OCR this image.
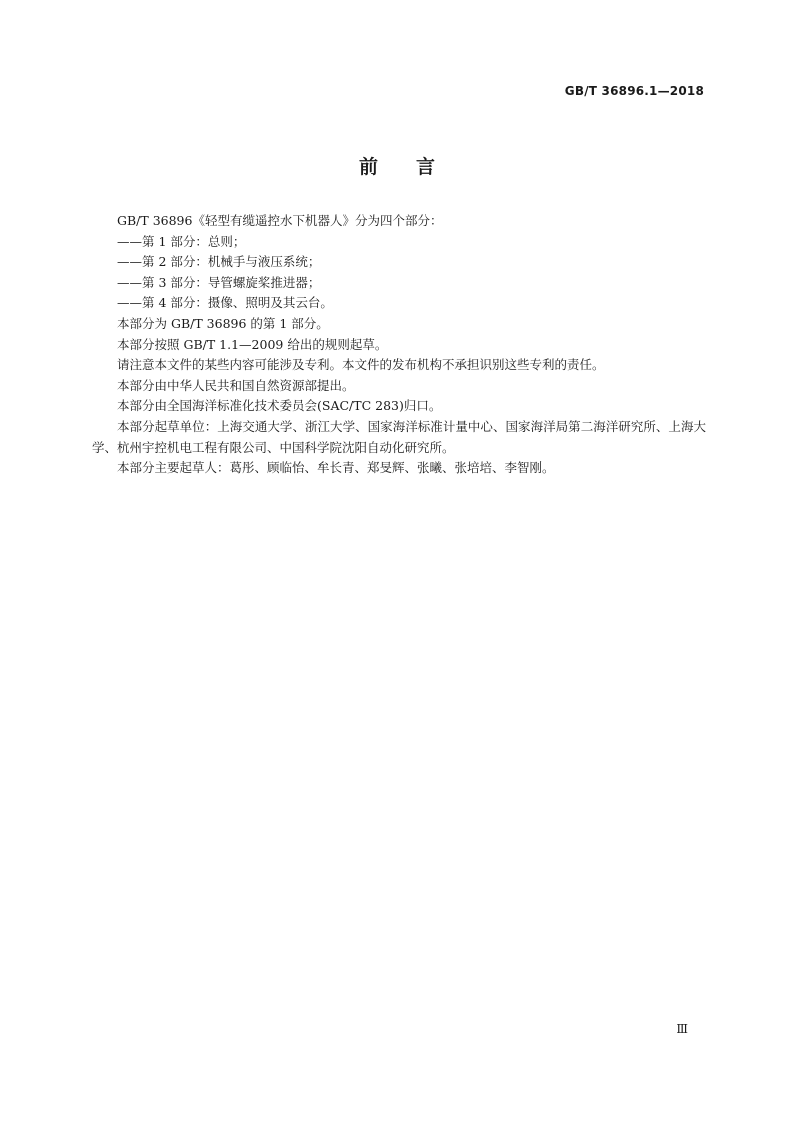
GB/T 36896.1—2018
前言

GB/T 36896《轻型有缆遥控水下机器人》分为四个部分：

——第 1 部分：总则；

——第 2 部分：机械手与液压系统；

——第 3 部分：导管螺旋桨推进器；

——第 4 部分：摄像、照明及其云台。

本部分为 GB/T 36896 的第 1 部分。

本部分按照 GB/T 1.1—2009 给出的规则起草。

请注意本文件的某些内容可能涉及专利。本文件的发布机构不承担识别这些专利的责任。

本部分由中华人民共和国自然资源部提出。

本部分由全国海洋标准化技术委员会(SAC/TC 283)归口。

本部分起草单位：上海交通大学、浙江大学、国家海洋标准计量中心、国家海洋局第二海洋研究所、上海大学、杭州宇控机电工程有限公司、中国科学院沈阳自动化研究所。

本部分主要起草人：葛彤、顾临怡、牟长青、郑旻辉、张曦、张培培、李智刚。

Ⅲ
